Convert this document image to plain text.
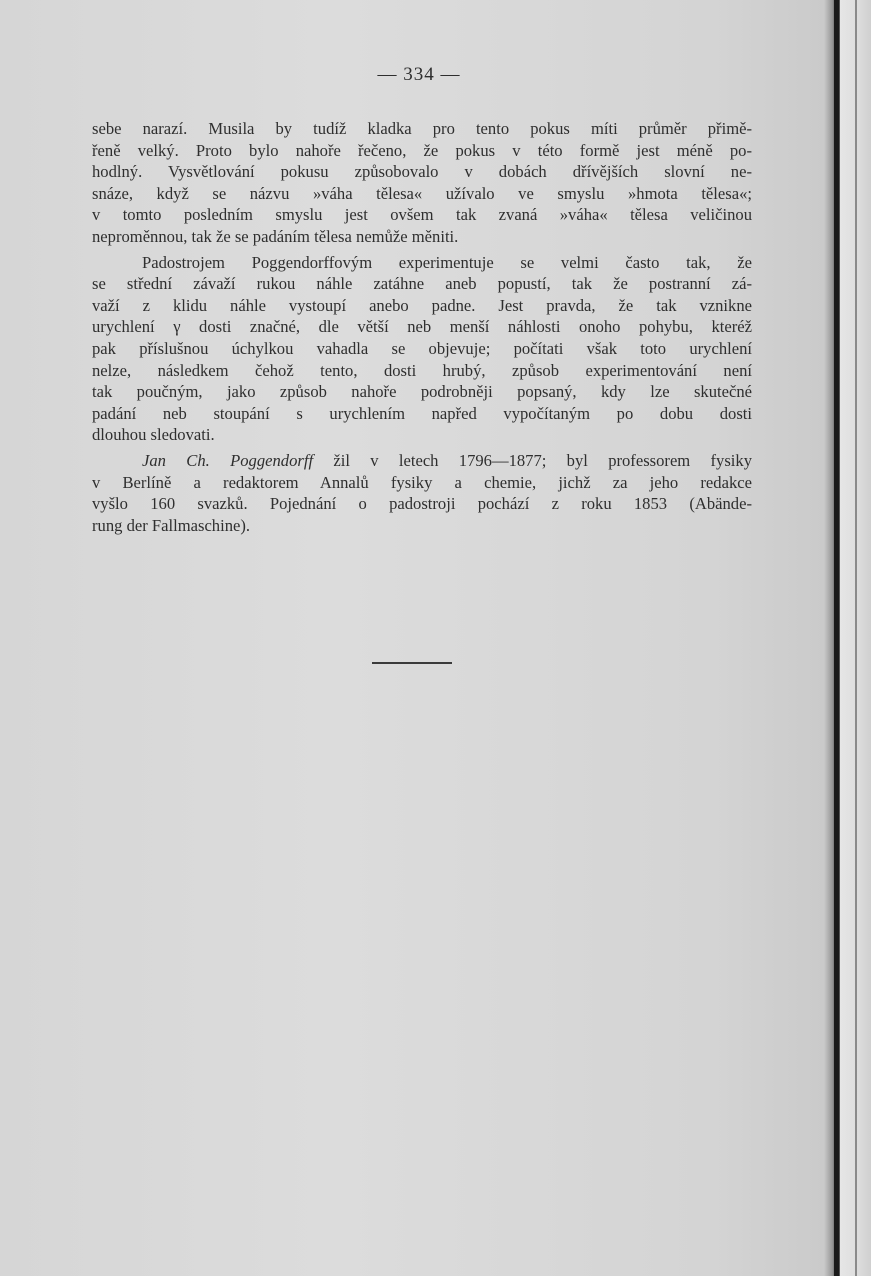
— 334 —
sebe narazí. Musila by tudíž kladka pro tento pokus míti průměr přimě-
řeně velký. Proto bylo nahoře řečeno, že pokus v této formě jest méně po-
hodlný. Vysvětlování pokusu způsobovalo v dobách dřívějších slovní ne-
snáze, když se názvu »váha tělesa« užívalo ve smyslu »hmota tělesa«;
v tomto posledním smyslu jest ovšem tak zvaná »váha« tělesa veličinou
neproměnnou, tak že se padáním tělesa nemůže měniti.
Padostrojem Poggendorffovým experimentuje se velmi často tak, že
se střední závaží rukou náhle zatáhne aneb popustí, tak že postranní zá-
važí z klidu náhle vystoupí anebo padne. Jest pravda, že tak vznikne
urychlení γ dosti značné, dle větší neb menší náhlosti onoho pohybu, kteréž
pak příslušnou úchylkou vahadla se objevuje; počítati však toto urychlení
nelze, následkem čehož tento, dosti hrubý, způsob experimentování není
tak poučným, jako způsob nahoře podrobněji popsaný, kdy lze skutečné
padání neb stoupání s urychlením napřed vypočítaným po dobu dosti
dlouhou sledovati.
Jan Ch. Poggendorff žil v letech 1796—1877; byl professorem fysiky
v Berlíně a redaktorem Annalů fysiky a chemie, jichž za jeho redakce
vyšlo 160 svazků. Pojednání o padostroji pochází z roku 1853 (Abände-
rung der Fallmaschine).
